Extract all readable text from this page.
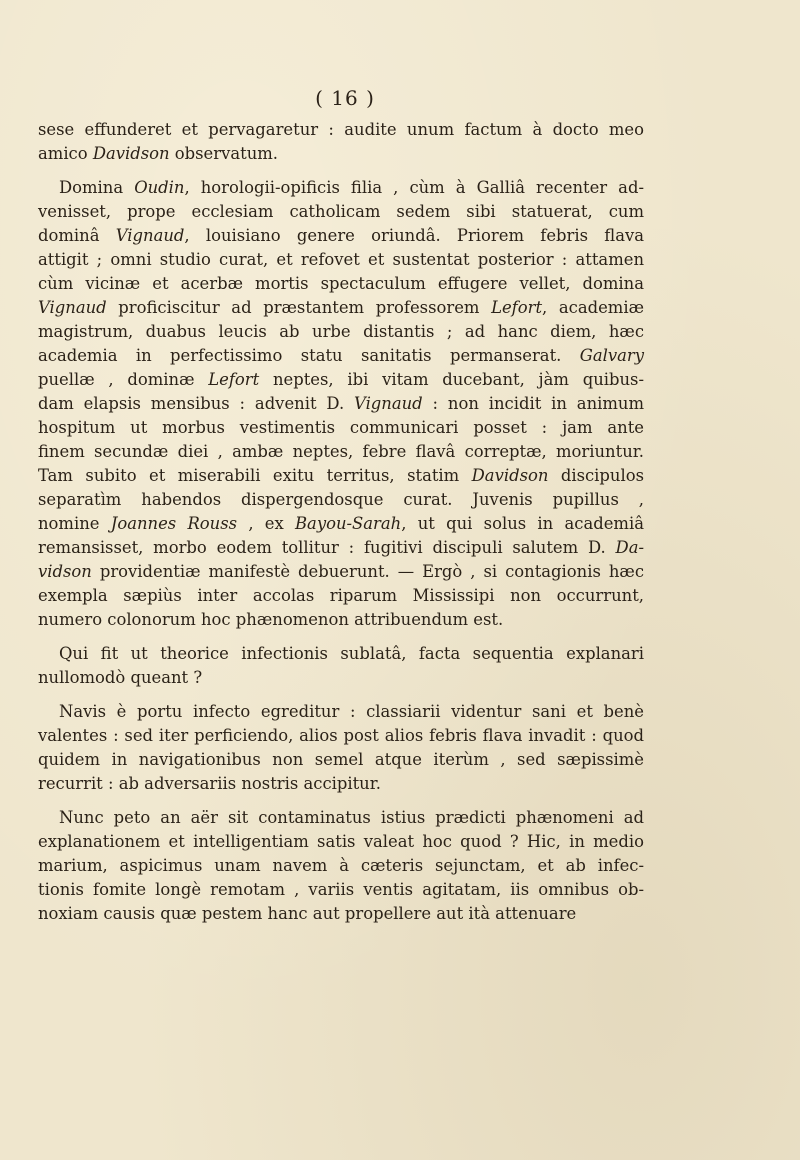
( 16 )

sese effunderet et pervagaretur : audite unum factum à docto meo
amico Davidson observatum.

Domina Oudin, horologii-opificis filia , cùm à Galliâ recenter ad-
venisset, prope ecclesiam catholicam sedem sibi statuerat, cum
dominâ Vignaud, louisiano genere oriundâ. Priorem febris flava
attigit ; omni studio curat, et refovet et sustentat posterior : attamen
cùm vicinæ et acerbæ mortis spectaculum effugere vellet, domina
Vignaud proficiscitur ad præstantem professorem Lefort, academiæ
magistrum, duabus leucis ab urbe distantis ; ad hanc diem, hæc
academia in perfectissimo statu sanitatis permanserat. Galvary
puellæ , dominæ Lefort neptes, ibi vitam ducebant, jàm quibus-
dam elapsis mensibus : advenit D. Vignaud : non incidit in animum
hospitum ut morbus vestimentis communicari posset : jam ante
finem secundæ diei , ambæ neptes, febre flavâ correptæ, moriuntur.
Tam subito et miserabili exitu territus, statim Davidson discipulos
separatìm habendos dispergendosque curat. Juvenis pupillus ,
nomine Joannes Rouss , ex Bayou-Sarah, ut qui solus in academiâ
remansisset, morbo eodem tollitur : fugitivi discipuli salutem D. Da-
vidson providentiæ manifestè debuerunt. — Ergò , si contagionis hæc
exempla sæpiùs inter accolas riparum Mississipi non occurrunt,
numero colonorum hoc phænomenon attribuendum est.

Qui fit ut theorice infectionis sublatâ, facta sequentia explanari
nullomodò queant ?

Navis è portu infecto egreditur : classiarii videntur sani et benè
valentes : sed iter perficiendo, alios post alios febris flava invadit : quod
quidem in navigationibus non semel atque iterùm , sed sæpissimè
recurrit : ab adversariis nostris accipitur.

Nunc peto an aër sit contaminatus istius prædicti phænomeni ad
explanationem et intelligentiam satis valeat hoc quod ? Hic, in medio
marium, aspicimus unam navem à cæteris sejunctam, et ab infec-
tionis fomite longè remotam , variis ventis agitatam, iis omnibus ob-
noxiam causis quæ pestem hanc aut propellere aut ità attenuare
